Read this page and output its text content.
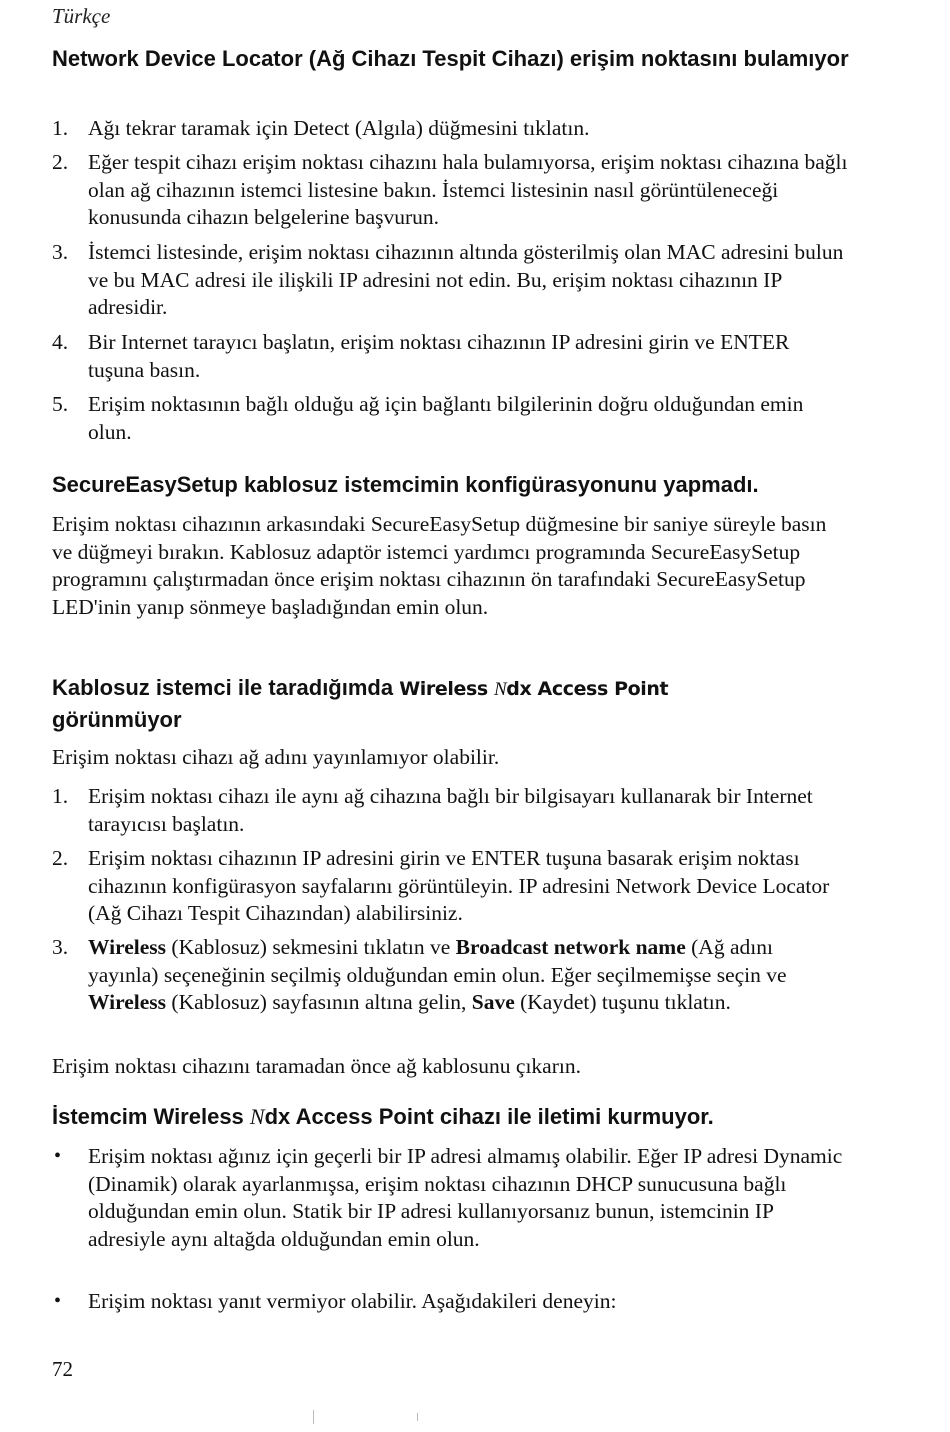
Türkçe
Network Device Locator (Ağ Cihazı Tespit Cihazı) erişim noktasını bulamıyor
1. Ağı tekrar taramak için Detect (Algıla) düğmesini tıklatın.
2. Eğer tespit cihazı erişim noktası cihazını hala bulamıyorsa, erişim noktası cihazına bağlı olan ağ cihazının istemci listesine bakın. İstemci listesinin nasıl görüntüleneceği konusunda cihazın belgelerine başvurun.
3. İstemci listesinde, erişim noktası cihazının altında gösterilmiş olan MAC adresini bulun ve bu MAC adresi ile ilişkili IP adresini not edin. Bu, erişim noktası cihazının IP adresidir.
4. Bir Internet tarayıcı başlatın, erişim noktası cihazının IP adresini girin ve ENTER tuşuna basın.
5. Erişim noktasının bağlı olduğu ağ için bağlantı bilgilerinin doğru olduğundan emin olun.
SecureEasySetup kablosuz istemcimin konfigürasyonunu yapmadı.
Erişim noktası cihazının arkasındaki SecureEasySetup düğmesine bir saniye süreyle basın ve düğmeyi bırakın. Kablosuz adaptör istemci yardımcı programında SecureEasySetup programını çalıştırmadan önce erişim noktası cihazının ön tarafındaki SecureEasySetup LED'inin yanıp sönmeye başladığından emin olun.
Kablosuz istemci ile taradığımda Wireless Ndx Access Point
görünmüyor
Erişim noktası cihazı ağ adını yayınlamıyor olabilir.
1. Erişim noktası cihazı ile aynı ağ cihazına bağlı bir bilgisayarı kullanarak bir Internet tarayıcısı başlatın.
2. Erişim noktası cihazının IP adresini girin ve ENTER tuşuna basarak erişim noktası cihazının konfigürasyon sayfalarını görüntüleyin. IP adresini Network Device Locator (Ağ Cihazı Tespit Cihazından) alabilirsiniz.
3. Wireless (Kablosuz) sekmesini tıklatın ve Broadcast network name (Ağ adını yayınla) seçeneğinin seçilmiş olduğundan emin olun. Eğer seçilmemişse seçin ve Wireless (Kablosuz) sayfasının altına gelin, Save (Kaydet) tuşunu tıklatın.
Erişim noktası cihazını taramadan önce ağ kablosunu çıkarın.
İstemcim Wireless Ndx Access Point cihazı ile iletimi kurmuyor.
• Erişim noktası ağınız için geçerli bir IP adresi almamış olabilir. Eğer IP adresi Dynamic (Dinamik) olarak ayarlanmışsa, erişim noktası cihazının DHCP sunucusuna bağlı olduğundan emin olun. Statik bir IP adresi kullanıyorsanız bunun, istemcinin IP adresiyle aynı altağda olduğundan emin olun.
• Erişim noktası yanıt vermiyor olabilir. Aşağıdakileri deneyin:
72
